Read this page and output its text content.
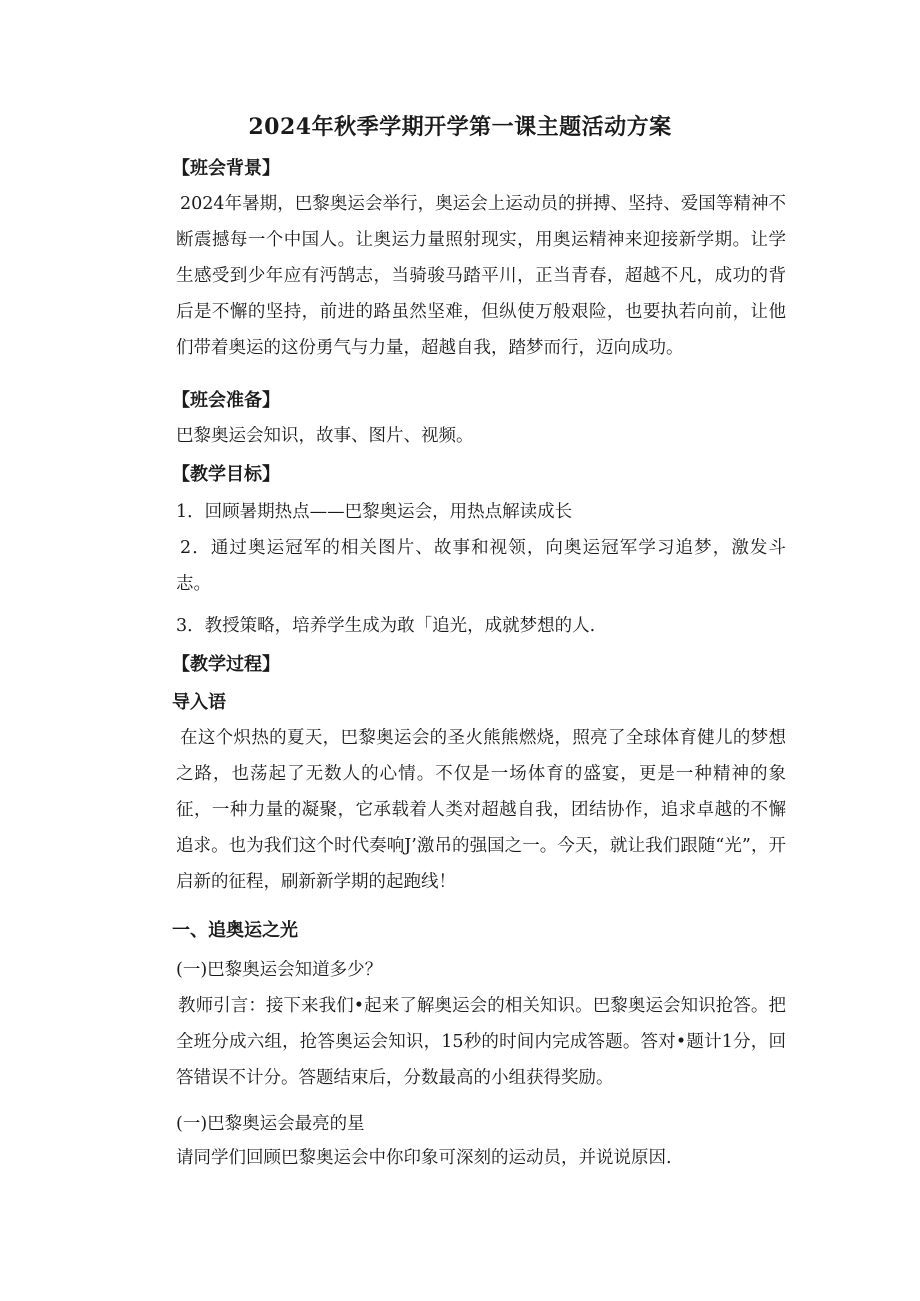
2024年秋季学期开学第一课主题活动方案
【班会背景】
2024年暑期，巴黎奥运会举行，奥运会上运动员的拼搏、坚持、爱国等精神不断震撼每一个中国人。让奥运力量照射现实，用奥运精神来迎接新学期。让学生感受到少年应有沔鹄志，当骑骏马踏平川，正当青春，超越不凡，成功的背后是不懈的坚持，前进的路虽然坚难，但纵使万般艰险，也要执若向前，让他们带着奥运的这份勇气与力量，超越自我，踏梦而行，迈向成功。
【班会准备】
巴黎奥运会知识，故事、图片、视频。
【教学目标】
1．回顾暑期热点——巴黎奥运会，用热点解读成长
2．通过奥运冠军的相关图片、故事和视领，向奥运冠军学习追梦，激发斗志。
3．教授策略，培养学生成为敢「追光，成就梦想的人.
【教学过程】
导入语
在这个炽热的夏天，巴黎奥运会的圣火熊熊燃烧，照亮了全球体育健儿的梦想之路，也荡起了无数人的心情。不仅是一场体育的盛宴，更是一种精神的象征，一种力量的凝聚，它承载着人类对超越自我，团结协作，追求卓越的不懈追求。也为我们这个时代奏响J’激吊的强国之一。今天，就让我们跟随“光”，开启新的征程，刷新新学期的起跑线！
一、追奥运之光
(一)巴黎奥运会知道多少？
教师引言：接下来我们•起来了解奥运会的相关知识。巴黎奥运会知识抢答。把全班分成六组，抢答奥运会知识，15秒的时间内完成答题。答对•题计1分，回答错误不计分。答题结束后，分数最高的小组获得奖励。
(一)巴黎奥运会最亮的星
请同学们回顾巴黎奥运会中你印象可深刻的运动员，并说说原因.
